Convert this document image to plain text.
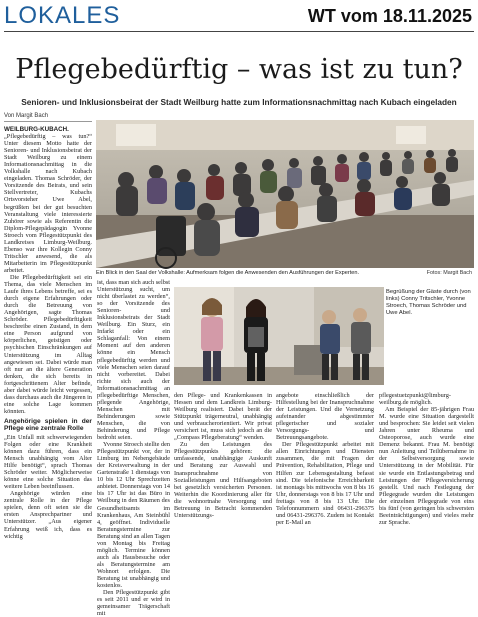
LOKALES	WT vom 18.11.2025
Pflegebedürftig – was ist zu tun?
Senioren- und Inklusionsbeirat der Stadt Weilburg hatte zum Informationsnachmittag nach Kubach eingeladen
Von Margit Bach

WEILBURG-KUBACH. „Pflegebedürftig – was tun?“ Unter diesem Motto hatte der Senioren- und Inklusionsbeirat der Stadt Weilburg zu einem Informationsnachmittag in die Volkshalle nach Kubach eingeladen. Thomas Schröder, der Vorsitzende des Beirats, und sein Stellvertreter, Kubachs Ortsvorsteher Uwe Abel, begrüßten bei der gut besuchten Veranstaltung viele interessierte Zuhörer sowie als Referentin die Diplom-Pflegepädagogin Yvonne Stroech vom Pflegestützpunkt des Landkreises Limburg-Weilburg. Ebenso war ihre Kollegin Conny Tritschler anwesend, die als Mitarbeiterin im Pflegestützpunkt arbeitet.

Die Pflegebedürftigkeit sei ein Thema, das viele Menschen im Laufe ihres Lebens betreffe, sei es durch eigene Erfahrungen oder durch die Betreuung von Angehörigen, sagte Thomas Schröder. Pflegebedürftigkeit beschreibe einen Zustand, in dem eine Person aufgrund von körperlichen, geistigen oder psychischen Einschränkungen auf Unterstützung im Alltag angewiesen sei. Dabei würde man oft nur an die ältere Generation denken, die sich bereits in fortgeschrittenem Alter befinde, aber dabei würde leicht vergessen, dass durchaus auch die Jüngeren in eine solche Lage kommen könnten.

Angehörige spielen in der Pflege eine zentrale Rolle

„Ein Unfall mit schwerwiegenden Folgen oder eine Krankheit können dazu führen, dass ein Mensch unabhängig vom Alter Hilfe benötigt“, sprach Thomas Schröder weiter. Möglicherweise könne eine solche Situation das weitere Leben beeinflussen.

Angehörige würden eine zentrale Rolle in der Pflege spielen, denn oft seien sie die ersten Ansprechpartner und Unterstützer. „Aus eigener Erfahrung weiß ich, dass es wichtig

Ein Blick in den Saal der Volkshalle: Aufmerksam folgen die Anwesenden den Ausführungen der Experten.	Fotos: Margit Bach

ist, dass man sich auch selbst Unterstützung sucht, um nicht überlastet zu werden“, so der Vorsitzende des Senioren- und Inklusionsbeirats der Stadt Weilburg. Ein Sturz, ein Infarkt oder ein Schlaganfall: Von einem Moment auf den anderen könne ein Mensch pflegebedürftig werden und viele Menschen seien darauf nicht vorbereitet. Dabei richte sich auch der Informationsnachmittag an pflegebedürftige Menschen, pflegende Angehörige, Menschen mit Behinderungen sowie Menschen, die von Behinderung und Pflege bedroht seien.

Yvonne Stroech stellte den Pflegestützpunkt vor, der in Limburg im Nebengebäude der Kreisverwaltung in der Gartenstraße 1 dienstags von 10 bis 12 Uhr Sprechzeiten anbietet. Donnerstags von 14 bis 17 Uhr ist das Büro in Weilburg in den Räumen des Gesundheitsamts im Krankenhaus, Am Steinbühl 4, geöffnet. Individuelle Beratungstermine zur Beratung sind an allen Tagen von Montag bis Freitag möglich. Termine können auch als Hausbesuche oder als Beratungstermine am Wohnort erfolgen. Die Beratung ist unabhängig und kostenlos.

Den Pflegestützpunkt gibt es seit 2011 und er wird in gemeinsamer Trägerschaft mit

Begrüßung der Gäste durch (von links) Conny Tritschler, Yvonne Stroech, Thomas Schröder und Uwe Abel.

den Pflege- und Krankenkassen in Hessen und dem Landkreis Limburg-Weilburg realisiert. Dabei berät der Stützpunkt trägerneutral, unabhängig und verbraucherorientiert. Wir privat versichert ist, muss sich jedoch an die „Compass Pflegeberatung“ wenden.

Zu den Leistungen des Pflegestützpunkts gehören: die umfassende, unabhängige Auskunft und Beratung zur Auswahl und Inanspruchnahme von Sozialleistungen und Hilfsangeboten bei gesetzlich versicherten Personen. Weiterhin die Koordinierung aller für die wohnortnahe Versorgung und Betreuung in Betracht kommenden Unterstützungs-

angebote einschließlich der Hilfestellung bei der Inanspruchnahme der Leistungen. Und die Vernetzung aufeinander abgestimmter pflegerischer und sozialer Versorgungs- und Betreuungsangebote.

Der Pflegestützpunkt arbeitet mit allen Einrichtungen und Diensten zusammen, die mit Fragen der Prävention, Rehabilitation, Pflege und Hilfen zur Lebensgestaltung befasst sind. Die telefonische Erreichbarkeit ist montags bis mittwochs von 8 bis 16 Uhr, donnerstags von 8 bis 17 Uhr und freitags von 8 bis 13 Uhr. Die Telefonnummern sind 06431-296375 und 06431-296376. Zudem ist Kontakt per E-Mail an

pflegestuetzpunkt@limburg-weilburg.de möglich.

Am Beispiel der 85-jährigen Frau M. wurde eine Situation dargestellt und besprochen: Sie leidet seit vielen Jahren unter Rheuma und Osteoporose, auch wurde eine Demenz bekannt. Frau M. benötigt nun Anleitung und Teilübernahme in der Selbstversorgung sowie Unterstützung in der Mobilität. Für sie wurde ein Entlastungsbetrag und Leistungen der Pflegeversicherung gestellt. Und nach Festlegung der Pflegegrade wurden die Leistungen der einzelnen Pflegegrade von eins bis fünf (von geringen bis schwersten Beeinträchtigungen) und vieles mehr zur Sprache.
